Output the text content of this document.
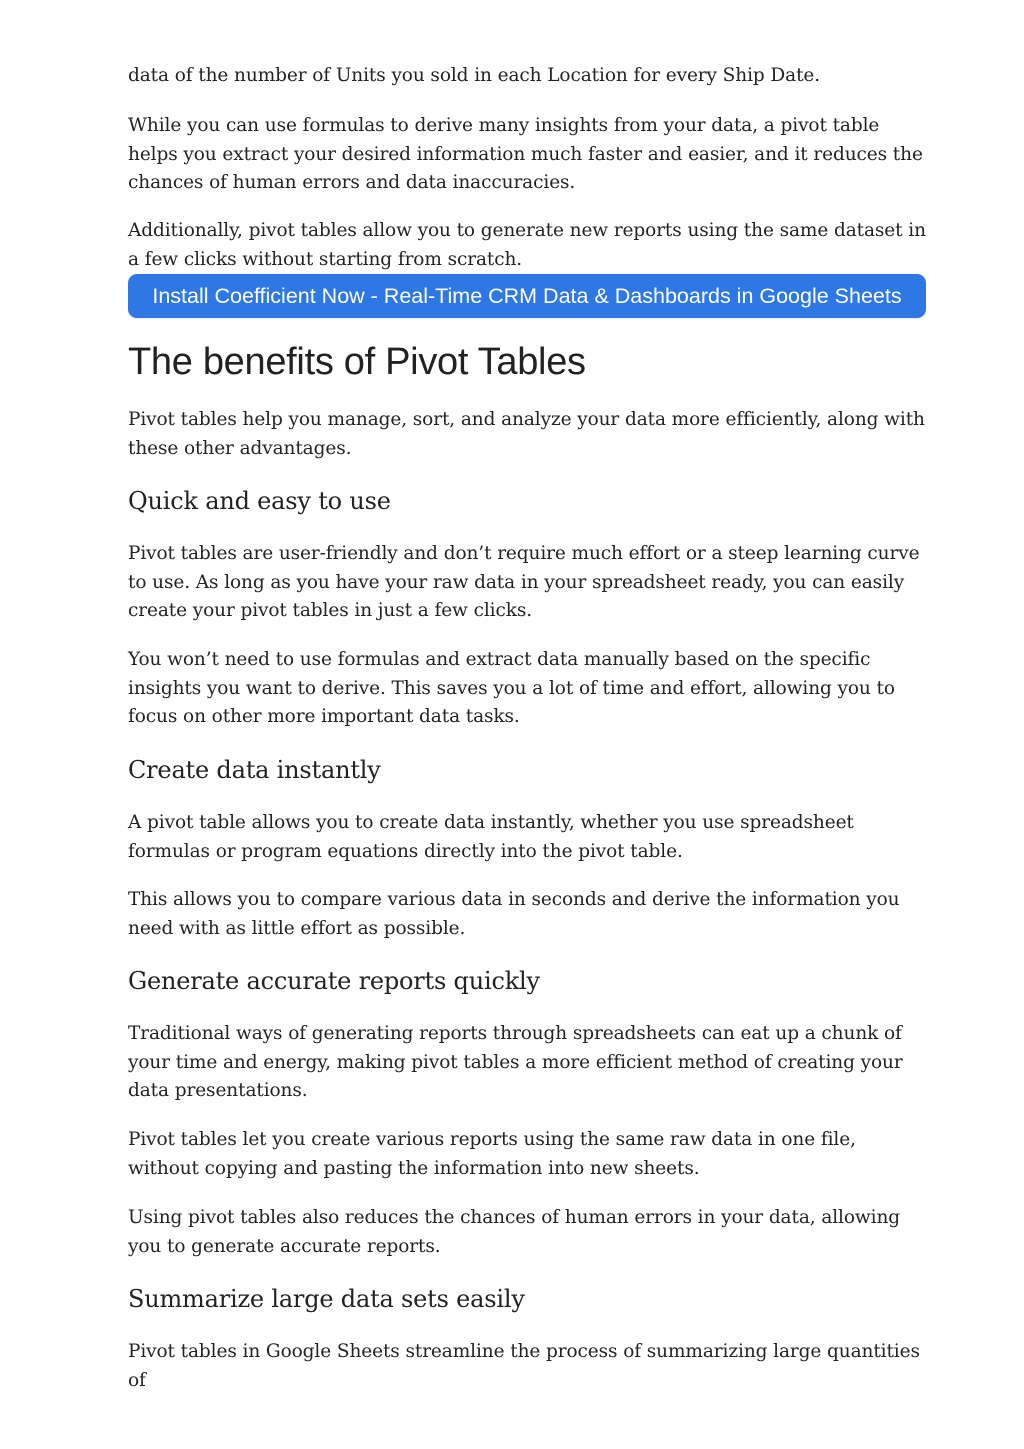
data of the number of Units you sold in each Location for every Ship Date.

While you can use formulas to derive many insights from your data, a pivot table helps you extract your desired information much faster and easier, and it reduces the chances of human errors and data inaccuracies.

Additionally, pivot tables allow you to generate new reports using the same dataset in a few clicks without starting from scratch.

Install Coefficient Now - Real-Time CRM Data & Dashboards in Google Sheets
The benefits of Pivot Tables

Pivot tables help you manage, sort, and analyze your data more efficiently, along with these other advantages.

Quick and easy to use

Pivot tables are user-friendly and don’t require much effort or a steep learning curve to use. As long as you have your raw data in your spreadsheet ready, you can easily create your pivot tables in just a few clicks.

You won’t need to use formulas and extract data manually based on the specific insights you want to derive. This saves you a lot of time and effort, allowing you to focus on other more important data tasks.

Create data instantly

A pivot table allows you to create data instantly, whether you use spreadsheet formulas or program equations directly into the pivot table.

This allows you to compare various data in seconds and derive the information you need with as little effort as possible.

Generate accurate reports quickly

Traditional ways of generating reports through spreadsheets can eat up a chunk of your time and energy, making pivot tables a more efficient method of creating your data presentations.

Pivot tables let you create various reports using the same raw data in one file, without copying and pasting the information into new sheets.

Using pivot tables also reduces the chances of human errors in your data, allowing you to generate accurate reports.

Summarize large data sets easily

Pivot tables in Google Sheets streamline the process of summarizing large quantities of
